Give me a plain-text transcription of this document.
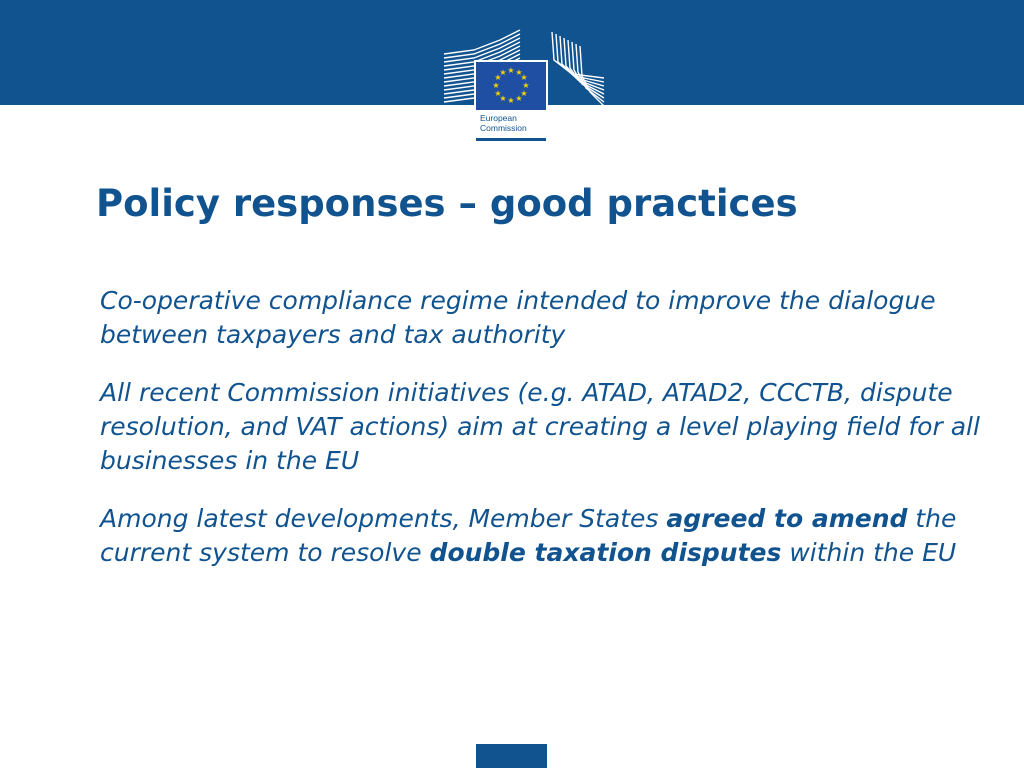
★ ★
★
★
★
★
★
★
★
★
★
★
European
Commission
Policy responses – good practices

Co-operative compliance regime intended to improve the dialogue between taxpayers and tax authority

All recent Commission initiatives (e.g. ATAD, ATAD2, CCCTB, dispute resolution, and VAT actions) aim at creating a level playing field for all businesses in the EU

Among latest developments, Member States agreed to amend the current system to resolve double taxation disputes within the EU
